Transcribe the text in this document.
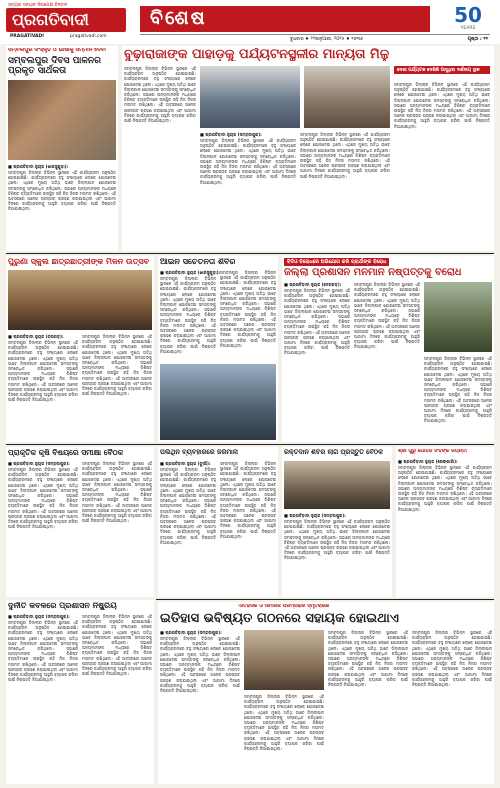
ସତ୍ୟର ସନ୍ଧାନ ନିରପେକ୍ଷ ଚିନ୍ତନ
ପ୍ରଗତିବାଦୀ
PRAGATIVADI	pragativadi.com
ବିଶେଷ	50
YEARS
ବୁଧବାର ♦ ୨୨ଜାନୁଆରୀ, ୨୦୨୫ ♦ ୧୬୩୬	ପୃଷ୍ଠା : ୧୧
ସମ୍ବଲପୁର ସଂସ୍କୃତି ଓ ଭାଷାକୁ ସମ୍ମାନ ଦେବା
ସମ୍ବଲପୁର ଦିବସ ପାଳନର ପ୍ରକୃତ ସାର୍ଥକତା
■ ପ୍ରଗତିବାଦୀ ନ୍ୟୁଜ (ଝାରସୁଗୁଡ଼ା):
ସମ୍ବଲପୁର ଜିଲ୍ଲାର ବିଭିନ୍ନ ସ୍ଥାନରେ ଏହି କାର୍ଯ୍ୟକ୍ରମ ଅନୁଷ୍ଠିତ ହୋଇଯାଇଛି। କାର୍ଯ୍ୟକ୍ରମରେ ବହୁ ସଂଖ୍ୟାରେ ଲୋକେ ଯୋଗଦେଇ ଥିଲେ। ଏଥିରେ ମୁଖ୍ୟ ଅତିଥି ଭାବେ ଜିଲ୍ଲାପାଳ ଯୋଗଦେଇ ସମସ୍ତଙ୍କୁ ସମ୍ବୋଧିତ କରିଥିଲେ। ସଭାରେ ଅନ୍ୟମାନଙ୍କ ମଧ୍ୟରେ ବିଶିଷ୍ଟ ବ୍ୟକ୍ତିମାନେ ଉପସ୍ଥିତ ରହି ନିଜ ନିଜର ମତାମତ ରଖିଥିଲେ। ଏହି ଅବସରରେ ଅନେକ ପ୍ରସ୍ତାବ ଗ୍ରହଣ କରାଯାଇଥିଲା ଏବଂ ଆଗାମୀ ଦିନରେ କାର୍ଯ୍ୟକ୍ରମକୁ ଆହୁରି ବ୍ୟାପକ କରିବା ପାଇଁ ନିଷ୍ପତ୍ତି ନିଆଯାଇଥିଲା।
ବୁଢ଼ାରାଜାଙ୍କ ପାହାଡ଼କୁ ପର୍ଯ୍ୟଟନସ୍ଥଳୀର ମାନ୍ୟତା ମିଳୁ
ସମ୍ବଲପୁର ଜିଲ୍ଲାର ବିଭିନ୍ନ ସ୍ଥାନରେ ଏହି କାର୍ଯ୍ୟକ୍ରମ ଅନୁଷ୍ଠିତ ହୋଇଯାଇଛି। କାର୍ଯ୍ୟକ୍ରମରେ ବହୁ ସଂଖ୍ୟାରେ ଲୋକେ ଯୋଗଦେଇ ଥିଲେ। ଏଥିରେ ମୁଖ୍ୟ ଅତିଥି ଭାବେ ଜିଲ୍ଲାପାଳ ଯୋଗଦେଇ ସମସ୍ତଙ୍କୁ ସମ୍ବୋଧିତ କରିଥିଲେ। ସଭାରେ ଅନ୍ୟମାନଙ୍କ ମଧ୍ୟରେ ବିଶିଷ୍ଟ ବ୍ୟକ୍ତିମାନେ ଉପସ୍ଥିତ ରହି ନିଜ ନିଜର ମତାମତ ରଖିଥିଲେ। ଏହି ଅବସରରେ ଅନେକ ପ୍ରସ୍ତାବ ଗ୍ରହଣ କରାଯାଇଥିଲା ଏବଂ ଆଗାମୀ ଦିନରେ କାର୍ଯ୍ୟକ୍ରମକୁ ଆହୁରି ବ୍ୟାପକ କରିବା ପାଇଁ ନିଷ୍ପତ୍ତି ନିଆଯାଇଥିଲା।
■ ପ୍ରଗତିବାଦୀ ନ୍ୟୁଜ (ସମ୍ବଲପୁର):
ସମ୍ବଲପୁର ଜିଲ୍ଲାର ବିଭିନ୍ନ ସ୍ଥାନରେ ଏହି କାର୍ଯ୍ୟକ୍ରମ ଅନୁଷ୍ଠିତ ହୋଇଯାଇଛି। କାର୍ଯ୍ୟକ୍ରମରେ ବହୁ ସଂଖ୍ୟାରେ ଲୋକେ ଯୋଗଦେଇ ଥିଲେ। ଏଥିରେ ମୁଖ୍ୟ ଅତିଥି ଭାବେ ଜିଲ୍ଲାପାଳ ଯୋଗଦେଇ ସମସ୍ତଙ୍କୁ ସମ୍ବୋଧିତ କରିଥିଲେ। ସଭାରେ ଅନ୍ୟମାନଙ୍କ ମଧ୍ୟରେ ବିଶିଷ୍ଟ ବ୍ୟକ୍ତିମାନେ ଉପସ୍ଥିତ ରହି ନିଜ ନିଜର ମତାମତ ରଖିଥିଲେ। ଏହି ଅବସରରେ ଅନେକ ପ୍ରସ୍ତାବ ଗ୍ରହଣ କରାଯାଇଥିଲା ଏବଂ ଆଗାମୀ ଦିନରେ କାର୍ଯ୍ୟକ୍ରମକୁ ଆହୁରି ବ୍ୟାପକ କରିବା ପାଇଁ ନିଷ୍ପତ୍ତି ନିଆଯାଇଥିଲା।
ସମ୍ବଲପୁର ଜିଲ୍ଲାର ବିଭିନ୍ନ ସ୍ଥାନରେ ଏହି କାର୍ଯ୍ୟକ୍ରମ ଅନୁଷ୍ଠିତ ହୋଇଯାଇଛି। କାର୍ଯ୍ୟକ୍ରମରେ ବହୁ ସଂଖ୍ୟାରେ ଲୋକେ ଯୋଗଦେଇ ଥିଲେ। ଏଥିରେ ମୁଖ୍ୟ ଅତିଥି ଭାବେ ଜିଲ୍ଲାପାଳ ଯୋଗଦେଇ ସମସ୍ତଙ୍କୁ ସମ୍ବୋଧିତ କରିଥିଲେ। ସଭାରେ ଅନ୍ୟମାନଙ୍କ ମଧ୍ୟରେ ବିଶିଷ୍ଟ ବ୍ୟକ୍ତିମାନେ ଉପସ୍ଥିତ ରହି ନିଜ ନିଜର ମତାମତ ରଖିଥିଲେ। ଏହି ଅବସରରେ ଅନେକ ପ୍ରସ୍ତାବ ଗ୍ରହଣ କରାଯାଇଥିଲା ଏବଂ ଆଗାମୀ ଦିନରେ କାର୍ଯ୍ୟକ୍ରମକୁ ଆହୁରି ବ୍ୟାପକ କରିବା ପାଇଁ ନିଷ୍ପତ୍ତି ନିଆଯାଇଥିଲା।
ଦେଶୀ ପର୍ଯ୍ୟଟକ ଦେଖିକି ଆସୁଥିବା ଦର୍ଶନୀୟ ସ୍ଥାନ
ସମ୍ବଲପୁର ଜିଲ୍ଲାର ବିଭିନ୍ନ ସ୍ଥାନରେ ଏହି କାର୍ଯ୍ୟକ୍ରମ ଅନୁଷ୍ଠିତ ହୋଇଯାଇଛି। କାର୍ଯ୍ୟକ୍ରମରେ ବହୁ ସଂଖ୍ୟାରେ ଲୋକେ ଯୋଗଦେଇ ଥିଲେ। ଏଥିରେ ମୁଖ୍ୟ ଅତିଥି ଭାବେ ଜିଲ୍ଲାପାଳ ଯୋଗଦେଇ ସମସ୍ତଙ୍କୁ ସମ୍ବୋଧିତ କରିଥିଲେ। ସଭାରେ ଅନ୍ୟମାନଙ୍କ ମଧ୍ୟରେ ବିଶିଷ୍ଟ ବ୍ୟକ୍ତିମାନେ ଉପସ୍ଥିତ ରହି ନିଜ ନିଜର ମତାମତ ରଖିଥିଲେ। ଏହି ଅବସରରେ ଅନେକ ପ୍ରସ୍ତାବ ଗ୍ରହଣ କରାଯାଇଥିଲା ଏବଂ ଆଗାମୀ ଦିନରେ କାର୍ଯ୍ୟକ୍ରମକୁ ଆହୁରି ବ୍ୟାପକ କରିବା ପାଇଁ ନିଷ୍ପତ୍ତି ନିଆଯାଇଥିଲା।
ପୁରୁଣା ସ୍କୁଲ ଛାତ୍ରଛାତ୍ରୀଙ୍କ ମିଳନ ଉତ୍ସବ
■ ପ୍ରଗତିବାଦୀ ନ୍ୟୁଜ (ବରଗଡ଼):
ସମ୍ବଲପୁର ଜିଲ୍ଲାର ବିଭିନ୍ନ ସ୍ଥାନରେ ଏହି କାର୍ଯ୍ୟକ୍ରମ ଅନୁଷ୍ଠିତ ହୋଇଯାଇଛି। କାର୍ଯ୍ୟକ୍ରମରେ ବହୁ ସଂଖ୍ୟାରେ ଲୋକେ ଯୋଗଦେଇ ଥିଲେ। ଏଥିରେ ମୁଖ୍ୟ ଅତିଥି ଭାବେ ଜିଲ୍ଲାପାଳ ଯୋଗଦେଇ ସମସ୍ତଙ୍କୁ ସମ୍ବୋଧିତ କରିଥିଲେ। ସଭାରେ ଅନ୍ୟମାନଙ୍କ ମଧ୍ୟରେ ବିଶିଷ୍ଟ ବ୍ୟକ୍ତିମାନେ ଉପସ୍ଥିତ ରହି ନିଜ ନିଜର ମତାମତ ରଖିଥିଲେ। ଏହି ଅବସରରେ ଅନେକ ପ୍ରସ୍ତାବ ଗ୍ରହଣ କରାଯାଇଥିଲା ଏବଂ ଆଗାମୀ ଦିନରେ କାର୍ଯ୍ୟକ୍ରମକୁ ଆହୁରି ବ୍ୟାପକ କରିବା ପାଇଁ ନିଷ୍ପତ୍ତି ନିଆଯାଇଥିଲା।
ସମ୍ବଲପୁର ଜିଲ୍ଲାର ବିଭିନ୍ନ ସ୍ଥାନରେ ଏହି କାର୍ଯ୍ୟକ୍ରମ ଅନୁଷ୍ଠିତ ହୋଇଯାଇଛି। କାର୍ଯ୍ୟକ୍ରମରେ ବହୁ ସଂଖ୍ୟାରେ ଲୋକେ ଯୋଗଦେଇ ଥିଲେ। ଏଥିରେ ମୁଖ୍ୟ ଅତିଥି ଭାବେ ଜିଲ୍ଲାପାଳ ଯୋଗଦେଇ ସମସ୍ତଙ୍କୁ ସମ୍ବୋଧିତ କରିଥିଲେ। ସଭାରେ ଅନ୍ୟମାନଙ୍କ ମଧ୍ୟରେ ବିଶିଷ୍ଟ ବ୍ୟକ୍ତିମାନେ ଉପସ୍ଥିତ ରହି ନିଜ ନିଜର ମତାମତ ରଖିଥିଲେ। ଏହି ଅବସରରେ ଅନେକ ପ୍ରସ୍ତାବ ଗ୍ରହଣ କରାଯାଇଥିଲା ଏବଂ ଆଗାମୀ ଦିନରେ କାର୍ଯ୍ୟକ୍ରମକୁ ଆହୁରି ବ୍ୟାପକ କରିବା ପାଇଁ ନିଷ୍ପତ୍ତି ନିଆଯାଇଥିଲା।
ଆଇନ ସଚେତନତା ଶିବିର
■ ପ୍ରଗତିବାଦୀ ନ୍ୟୁଜ (ଝାରସୁଗୁଡ଼ା):
ସମ୍ବଲପୁର ଜିଲ୍ଲାର ବିଭିନ୍ନ ସ୍ଥାନରେ ଏହି କାର୍ଯ୍ୟକ୍ରମ ଅନୁଷ୍ଠିତ ହୋଇଯାଇଛି। କାର୍ଯ୍ୟକ୍ରମରେ ବହୁ ସଂଖ୍ୟାରେ ଲୋକେ ଯୋଗଦେଇ ଥିଲେ। ଏଥିରେ ମୁଖ୍ୟ ଅତିଥି ଭାବେ ଜିଲ୍ଲାପାଳ ଯୋଗଦେଇ ସମସ୍ତଙ୍କୁ ସମ୍ବୋଧିତ କରିଥିଲେ। ସଭାରେ ଅନ୍ୟମାନଙ୍କ ମଧ୍ୟରେ ବିଶିଷ୍ଟ ବ୍ୟକ୍ତିମାନେ ଉପସ୍ଥିତ ରହି ନିଜ ନିଜର ମତାମତ ରଖିଥିଲେ। ଏହି ଅବସରରେ ଅନେକ ପ୍ରସ୍ତାବ ଗ୍ରହଣ କରାଯାଇଥିଲା ଏବଂ ଆଗାମୀ ଦିନରେ କାର୍ଯ୍ୟକ୍ରମକୁ ଆହୁରି ବ୍ୟାପକ କରିବା ପାଇଁ ନିଷ୍ପତ୍ତି ନିଆଯାଇଥିଲା।
ସମ୍ବଲପୁର ଜିଲ୍ଲାର ବିଭିନ୍ନ ସ୍ଥାନରେ ଏହି କାର୍ଯ୍ୟକ୍ରମ ଅନୁଷ୍ଠିତ ହୋଇଯାଇଛି। କାର୍ଯ୍ୟକ୍ରମରେ ବହୁ ସଂଖ୍ୟାରେ ଲୋକେ ଯୋଗଦେଇ ଥିଲେ। ଏଥିରେ ମୁଖ୍ୟ ଅତିଥି ଭାବେ ଜିଲ୍ଲାପାଳ ଯୋଗଦେଇ ସମସ୍ତଙ୍କୁ ସମ୍ବୋଧିତ କରିଥିଲେ। ସଭାରେ ଅନ୍ୟମାନଙ୍କ ମଧ୍ୟରେ ବିଶିଷ୍ଟ ବ୍ୟକ୍ତିମାନେ ଉପସ୍ଥିତ ରହି ନିଜ ନିଜର ମତାମତ ରଖିଥିଲେ। ଏହି ଅବସରରେ ଅନେକ ପ୍ରସ୍ତାବ ଗ୍ରହଣ କରାଯାଇଥିଲା ଏବଂ ଆଗାମୀ ଦିନରେ କାର୍ଯ୍ୟକ୍ରମକୁ ଆହୁରି ବ୍ୟାପକ କରିବା ପାଇଁ ନିଷ୍ପତ୍ତି ନିଆଯାଇଥିଲା।
ବିଡିଓ ବିରୋଧରେ ଅଭିଯୋଗ କରି ପ୍ରାର୍ଥୀଙ୍କ ବିରୋଧ
ଜିଲ୍ଲା ପ୍ରଶାସନ ମନମାନି ନିଷ୍ପତ୍ତିକୁ ବିରୋଧ
■ ପ୍ରଗତିବାଦୀ ନ୍ୟୁଜ (ଦେବଗଡ଼):
ସମ୍ବଲପୁର ଜିଲ୍ଲାର ବିଭିନ୍ନ ସ୍ଥାନରେ ଏହି କାର୍ଯ୍ୟକ୍ରମ ଅନୁଷ୍ଠିତ ହୋଇଯାଇଛି। କାର୍ଯ୍ୟକ୍ରମରେ ବହୁ ସଂଖ୍ୟାରେ ଲୋକେ ଯୋଗଦେଇ ଥିଲେ। ଏଥିରେ ମୁଖ୍ୟ ଅତିଥି ଭାବେ ଜିଲ୍ଲାପାଳ ଯୋଗଦେଇ ସମସ୍ତଙ୍କୁ ସମ୍ବୋଧିତ କରିଥିଲେ। ସଭାରେ ଅନ୍ୟମାନଙ୍କ ମଧ୍ୟରେ ବିଶିଷ୍ଟ ବ୍ୟକ୍ତିମାନେ ଉପସ୍ଥିତ ରହି ନିଜ ନିଜର ମତାମତ ରଖିଥିଲେ। ଏହି ଅବସରରେ ଅନେକ ପ୍ରସ୍ତାବ ଗ୍ରହଣ କରାଯାଇଥିଲା ଏବଂ ଆଗାମୀ ଦିନରେ କାର୍ଯ୍ୟକ୍ରମକୁ ଆହୁରି ବ୍ୟାପକ କରିବା ପାଇଁ ନିଷ୍ପତ୍ତି ନିଆଯାଇଥିଲା।
ସମ୍ବଲପୁର ଜିଲ୍ଲାର ବିଭିନ୍ନ ସ୍ଥାନରେ ଏହି କାର୍ଯ୍ୟକ୍ରମ ଅନୁଷ୍ଠିତ ହୋଇଯାଇଛି। କାର୍ଯ୍ୟକ୍ରମରେ ବହୁ ସଂଖ୍ୟାରେ ଲୋକେ ଯୋଗଦେଇ ଥିଲେ। ଏଥିରେ ମୁଖ୍ୟ ଅତିଥି ଭାବେ ଜିଲ୍ଲାପାଳ ଯୋଗଦେଇ ସମସ୍ତଙ୍କୁ ସମ୍ବୋଧିତ କରିଥିଲେ। ସଭାରେ ଅନ୍ୟମାନଙ୍କ ମଧ୍ୟରେ ବିଶିଷ୍ଟ ବ୍ୟକ୍ତିମାନେ ଉପସ୍ଥିତ ରହି ନିଜ ନିଜର ମତାମତ ରଖିଥିଲେ। ଏହି ଅବସରରେ ଅନେକ ପ୍ରସ୍ତାବ ଗ୍ରହଣ କରାଯାଇଥିଲା ଏବଂ ଆଗାମୀ ଦିନରେ କାର୍ଯ୍ୟକ୍ରମକୁ ଆହୁରି ବ୍ୟାପକ କରିବା ପାଇଁ ନିଷ୍ପତ୍ତି ନିଆଯାଇଥିଲା।
ସମ୍ବଲପୁର ଜିଲ୍ଲାର ବିଭିନ୍ନ ସ୍ଥାନରେ ଏହି କାର୍ଯ୍ୟକ୍ରମ ଅନୁଷ୍ଠିତ ହୋଇଯାଇଛି। କାର୍ଯ୍ୟକ୍ରମରେ ବହୁ ସଂଖ୍ୟାରେ ଲୋକେ ଯୋଗଦେଇ ଥିଲେ। ଏଥିରେ ମୁଖ୍ୟ ଅତିଥି ଭାବେ ଜିଲ୍ଲାପାଳ ଯୋଗଦେଇ ସମସ୍ତଙ୍କୁ ସମ୍ବୋଧିତ କରିଥିଲେ। ସଭାରେ ଅନ୍ୟମାନଙ୍କ ମଧ୍ୟରେ ବିଶିଷ୍ଟ ବ୍ୟକ୍ତିମାନେ ଉପସ୍ଥିତ ରହି ନିଜ ନିଜର ମତାମତ ରଖିଥିଲେ। ଏହି ଅବସରରେ ଅନେକ ପ୍ରସ୍ତାବ ଗ୍ରହଣ କରାଯାଇଥିଲା ଏବଂ ଆଗାମୀ ଦିନରେ କାର୍ଯ୍ୟକ୍ରମକୁ ଆହୁରି ବ୍ୟାପକ କରିବା ପାଇଁ ନିଷ୍ପତ୍ତି ନିଆଯାଇଥିଲା।
ପ୍ରାକୃତିକ କୃଷି ବିଷୟରେ ସମୀକ୍ଷା ବୈଠକ
■ ପ୍ରଗତିବାଦୀ ନ୍ୟୁଜ (ସମ୍ବଲପୁର):
ସମ୍ବଲପୁର ଜିଲ୍ଲାର ବିଭିନ୍ନ ସ୍ଥାନରେ ଏହି କାର୍ଯ୍ୟକ୍ରମ ଅନୁଷ୍ଠିତ ହୋଇଯାଇଛି। କାର୍ଯ୍ୟକ୍ରମରେ ବହୁ ସଂଖ୍ୟାରେ ଲୋକେ ଯୋଗଦେଇ ଥିଲେ। ଏଥିରେ ମୁଖ୍ୟ ଅତିଥି ଭାବେ ଜିଲ୍ଲାପାଳ ଯୋଗଦେଇ ସମସ୍ତଙ୍କୁ ସମ୍ବୋଧିତ କରିଥିଲେ। ସଭାରେ ଅନ୍ୟମାନଙ୍କ ମଧ୍ୟରେ ବିଶିଷ୍ଟ ବ୍ୟକ୍ତିମାନେ ଉପସ୍ଥିତ ରହି ନିଜ ନିଜର ମତାମତ ରଖିଥିଲେ। ଏହି ଅବସରରେ ଅନେକ ପ୍ରସ୍ତାବ ଗ୍ରହଣ କରାଯାଇଥିଲା ଏବଂ ଆଗାମୀ ଦିନରେ କାର୍ଯ୍ୟକ୍ରମକୁ ଆହୁରି ବ୍ୟାପକ କରିବା ପାଇଁ ନିଷ୍ପତ୍ତି ନିଆଯାଇଥିଲା।
ସମ୍ବଲପୁର ଜିଲ୍ଲାର ବିଭିନ୍ନ ସ୍ଥାନରେ ଏହି କାର୍ଯ୍ୟକ୍ରମ ଅନୁଷ୍ଠିତ ହୋଇଯାଇଛି। କାର୍ଯ୍ୟକ୍ରମରେ ବହୁ ସଂଖ୍ୟାରେ ଲୋକେ ଯୋଗଦେଇ ଥିଲେ। ଏଥିରେ ମୁଖ୍ୟ ଅତିଥି ଭାବେ ଜିଲ୍ଲାପାଳ ଯୋଗଦେଇ ସମସ୍ତଙ୍କୁ ସମ୍ବୋଧିତ କରିଥିଲେ। ସଭାରେ ଅନ୍ୟମାନଙ୍କ ମଧ୍ୟରେ ବିଶିଷ୍ଟ ବ୍ୟକ୍ତିମାନେ ଉପସ୍ଥିତ ରହି ନିଜ ନିଜର ମତାମତ ରଖିଥିଲେ। ଏହି ଅବସରରେ ଅନେକ ପ୍ରସ୍ତାବ ଗ୍ରହଣ କରାଯାଇଥିଲା ଏବଂ ଆଗାମୀ ଦିନରେ କାର୍ଯ୍ୟକ୍ରମକୁ ଆହୁରି ବ୍ୟାପକ କରିବା ପାଇଁ ନିଷ୍ପତ୍ତି ନିଆଯାଇଥିଲା।
ପଲିଥିନ ବ୍ୟବହାରରେ ଜରିମାନା
■ ପ୍ରଗତିବାଦୀ ନ୍ୟୁଜ (ବୁର୍ଲା):
ସମ୍ବଲପୁର ଜିଲ୍ଲାର ବିଭିନ୍ନ ସ୍ଥାନରେ ଏହି କାର୍ଯ୍ୟକ୍ରମ ଅନୁଷ୍ଠିତ ହୋଇଯାଇଛି। କାର୍ଯ୍ୟକ୍ରମରେ ବହୁ ସଂଖ୍ୟାରେ ଲୋକେ ଯୋଗଦେଇ ଥିଲେ। ଏଥିରେ ମୁଖ୍ୟ ଅତିଥି ଭାବେ ଜିଲ୍ଲାପାଳ ଯୋଗଦେଇ ସମସ୍ତଙ୍କୁ ସମ୍ବୋଧିତ କରିଥିଲେ। ସଭାରେ ଅନ୍ୟମାନଙ୍କ ମଧ୍ୟରେ ବିଶିଷ୍ଟ ବ୍ୟକ୍ତିମାନେ ଉପସ୍ଥିତ ରହି ନିଜ ନିଜର ମତାମତ ରଖିଥିଲେ। ଏହି ଅବସରରେ ଅନେକ ପ୍ରସ୍ତାବ ଗ୍ରହଣ କରାଯାଇଥିଲା ଏବଂ ଆଗାମୀ ଦିନରେ କାର୍ଯ୍ୟକ୍ରମକୁ ଆହୁରି ବ୍ୟାପକ କରିବା ପାଇଁ ନିଷ୍ପତ୍ତି ନିଆଯାଇଥିଲା।
ସମ୍ବଲପୁର ଜିଲ୍ଲାର ବିଭିନ୍ନ ସ୍ଥାନରେ ଏହି କାର୍ଯ୍ୟକ୍ରମ ଅନୁଷ୍ଠିତ ହୋଇଯାଇଛି। କାର୍ଯ୍ୟକ୍ରମରେ ବହୁ ସଂଖ୍ୟାରେ ଲୋକେ ଯୋଗଦେଇ ଥିଲେ। ଏଥିରେ ମୁଖ୍ୟ ଅତିଥି ଭାବେ ଜିଲ୍ଲାପାଳ ଯୋଗଦେଇ ସମସ୍ତଙ୍କୁ ସମ୍ବୋଧିତ କରିଥିଲେ। ସଭାରେ ଅନ୍ୟମାନଙ୍କ ମଧ୍ୟରେ ବିଶିଷ୍ଟ ବ୍ୟକ୍ତିମାନେ ଉପସ୍ଥିତ ରହି ନିଜ ନିଜର ମତାମତ ରଖିଥିଲେ। ଏହି ଅବସରରେ ଅନେକ ପ୍ରସ୍ତାବ ଗ୍ରହଣ କରାଯାଇଥିଲା ଏବଂ ଆଗାମୀ ଦିନରେ କାର୍ଯ୍ୟକ୍ରମକୁ ଆହୁରି ବ୍ୟାପକ କରିବା ପାଇଁ ନିଷ୍ପତ୍ତି ନିଆଯାଇଥିଲା।
ରକ୍ତଦାନ ଶିବିର ଲାଗି ପ୍ରସ୍ତୁତି ବୈଠକ
■ ପ୍ରଗତିବାଦୀ ନ୍ୟୁଜ (ସମ୍ବଲପୁର):
ସମ୍ବଲପୁର ଜିଲ୍ଲାର ବିଭିନ୍ନ ସ୍ଥାନରେ ଏହି କାର୍ଯ୍ୟକ୍ରମ ଅନୁଷ୍ଠିତ ହୋଇଯାଇଛି। କାର୍ଯ୍ୟକ୍ରମରେ ବହୁ ସଂଖ୍ୟାରେ ଲୋକେ ଯୋଗଦେଇ ଥିଲେ। ଏଥିରେ ମୁଖ୍ୟ ଅତିଥି ଭାବେ ଜିଲ୍ଲାପାଳ ଯୋଗଦେଇ ସମସ୍ତଙ୍କୁ ସମ୍ବୋଧିତ କରିଥିଲେ। ସଭାରେ ଅନ୍ୟମାନଙ୍କ ମଧ୍ୟରେ ବିଶିଷ୍ଟ ବ୍ୟକ୍ତିମାନେ ଉପସ୍ଥିତ ରହି ନିଜ ନିଜର ମତାମତ ରଖିଥିଲେ। ଏହି ଅବସରରେ ଅନେକ ପ୍ରସ୍ତାବ ଗ୍ରହଣ କରାଯାଇଥିଲା ଏବଂ ଆଗାମୀ ଦିନରେ କାର୍ଯ୍ୟକ୍ରମକୁ ଆହୁରି ବ୍ୟାପକ କରିବା ପାଇଁ ନିଷ୍ପତ୍ତି ନିଆଯାଇଥିଲା।
ଶ୍ରୀ ଗୁରୁ ଗୋବିନ୍ଦ ସିଂହଙ୍କ ଜୟନ୍ତୀ
■ ପ୍ରଗତିବାଦୀ ନ୍ୟୁଜ (ରେଙ୍ଗାଲି):
ସମ୍ବଲପୁର ଜିଲ୍ଲାର ବିଭିନ୍ନ ସ୍ଥାନରେ ଏହି କାର୍ଯ୍ୟକ୍ରମ ଅନୁଷ୍ଠିତ ହୋଇଯାଇଛି। କାର୍ଯ୍ୟକ୍ରମରେ ବହୁ ସଂଖ୍ୟାରେ ଲୋକେ ଯୋଗଦେଇ ଥିଲେ। ଏଥିରେ ମୁଖ୍ୟ ଅତିଥି ଭାବେ ଜିଲ୍ଲାପାଳ ଯୋଗଦେଇ ସମସ୍ତଙ୍କୁ ସମ୍ବୋଧିତ କରିଥିଲେ। ସଭାରେ ଅନ୍ୟମାନଙ୍କ ମଧ୍ୟରେ ବିଶିଷ୍ଟ ବ୍ୟକ୍ତିମାନେ ଉପସ୍ଥିତ ରହି ନିଜ ନିଜର ମତାମତ ରଖିଥିଲେ। ଏହି ଅବସରରେ ଅନେକ ପ୍ରସ୍ତାବ ଗ୍ରହଣ କରାଯାଇଥିଲା ଏବଂ ଆଗାମୀ ଦିନରେ କାର୍ଯ୍ୟକ୍ରମକୁ ଆହୁରି ବ୍ୟାପକ କରିବା ପାଇଁ ନିଷ୍ପତ୍ତି ନିଆଯାଇଥିଲା।
ଐତିହାସିକ ଓ ସାମାଜିକ ପରମ୍ପରାର ସ୍ମୃତିଚାରଣ
ଇତିହାସ ଭବିଷ୍ୟତ ଗଠନରେ ସହାୟକ ହୋଇଥାଏ
■ ପ୍ରଗତିବାଦୀ ନ୍ୟୁଜ (ସମ୍ବଲପୁର):
ସମ୍ବଲପୁର ଜିଲ୍ଲାର ବିଭିନ୍ନ ସ୍ଥାନରେ ଏହି କାର୍ଯ୍ୟକ୍ରମ ଅନୁଷ୍ଠିତ ହୋଇଯାଇଛି। କାର୍ଯ୍ୟକ୍ରମରେ ବହୁ ସଂଖ୍ୟାରେ ଲୋକେ ଯୋଗଦେଇ ଥିଲେ। ଏଥିରେ ମୁଖ୍ୟ ଅତିଥି ଭାବେ ଜିଲ୍ଲାପାଳ ଯୋଗଦେଇ ସମସ୍ତଙ୍କୁ ସମ୍ବୋଧିତ କରିଥିଲେ। ସଭାରେ ଅନ୍ୟମାନଙ୍କ ମଧ୍ୟରେ ବିଶିଷ୍ଟ ବ୍ୟକ୍ତିମାନେ ଉପସ୍ଥିତ ରହି ନିଜ ନିଜର ମତାମତ ରଖିଥିଲେ। ଏହି ଅବସରରେ ଅନେକ ପ୍ରସ୍ତାବ ଗ୍ରହଣ କରାଯାଇଥିଲା ଏବଂ ଆଗାମୀ ଦିନରେ କାର୍ଯ୍ୟକ୍ରମକୁ ଆହୁରି ବ୍ୟାପକ କରିବା ପାଇଁ ନିଷ୍ପତ୍ତି ନିଆଯାଇଥିଲା।
ସମ୍ବଲପୁର ଜିଲ୍ଲାର ବିଭିନ୍ନ ସ୍ଥାନରେ ଏହି କାର୍ଯ୍ୟକ୍ରମ ଅନୁଷ୍ଠିତ ହୋଇଯାଇଛି। କାର୍ଯ୍ୟକ୍ରମରେ ବହୁ ସଂଖ୍ୟାରେ ଲୋକେ ଯୋଗଦେଇ ଥିଲେ। ଏଥିରେ ମୁଖ୍ୟ ଅତିଥି ଭାବେ ଜିଲ୍ଲାପାଳ ଯୋଗଦେଇ ସମସ୍ତଙ୍କୁ ସମ୍ବୋଧିତ କରିଥିଲେ। ସଭାରେ ଅନ୍ୟମାନଙ୍କ ମଧ୍ୟରେ ବିଶିଷ୍ଟ ବ୍ୟକ୍ତିମାନେ ଉପସ୍ଥିତ ରହି ନିଜ ନିଜର ମତାମତ ରଖିଥିଲେ। ଏହି ଅବସରରେ ଅନେକ ପ୍ରସ୍ତାବ ଗ୍ରହଣ କରାଯାଇଥିଲା ଏବଂ ଆଗାମୀ ଦିନରେ କାର୍ଯ୍ୟକ୍ରମକୁ ଆହୁରି ବ୍ୟାପକ କରିବା ପାଇଁ ନିଷ୍ପତ୍ତି ନିଆଯାଇଥିଲା।
ସମ୍ବଲପୁର ଜିଲ୍ଲାର ବିଭିନ୍ନ ସ୍ଥାନରେ ଏହି କାର୍ଯ୍ୟକ୍ରମ ଅନୁଷ୍ଠିତ ହୋଇଯାଇଛି। କାର୍ଯ୍ୟକ୍ରମରେ ବହୁ ସଂଖ୍ୟାରେ ଲୋକେ ଯୋଗଦେଇ ଥିଲେ। ଏଥିରେ ମୁଖ୍ୟ ଅତିଥି ଭାବେ ଜିଲ୍ଲାପାଳ ଯୋଗଦେଇ ସମସ୍ତଙ୍କୁ ସମ୍ବୋଧିତ କରିଥିଲେ। ସଭାରେ ଅନ୍ୟମାନଙ୍କ ମଧ୍ୟରେ ବିଶିଷ୍ଟ ବ୍ୟକ୍ତିମାନେ ଉପସ୍ଥିତ ରହି ନିଜ ନିଜର ମତାମତ ରଖିଥିଲେ। ଏହି ଅବସରରେ ଅନେକ ପ୍ରସ୍ତାବ ଗ୍ରହଣ କରାଯାଇଥିଲା ଏବଂ ଆଗାମୀ ଦିନରେ କାର୍ଯ୍ୟକ୍ରମକୁ ଆହୁରି ବ୍ୟାପକ କରିବା ପାଇଁ ନିଷ୍ପତ୍ତି ନିଆଯାଇଥିଲା।
ସମ୍ବଲପୁର ଜିଲ୍ଲାର ବିଭିନ୍ନ ସ୍ଥାନରେ ଏହି କାର୍ଯ୍ୟକ୍ରମ ଅନୁଷ୍ଠିତ ହୋଇଯାଇଛି। କାର୍ଯ୍ୟକ୍ରମରେ ବହୁ ସଂଖ୍ୟାରେ ଲୋକେ ଯୋଗଦେଇ ଥିଲେ। ଏଥିରେ ମୁଖ୍ୟ ଅତିଥି ଭାବେ ଜିଲ୍ଲାପାଳ ଯୋଗଦେଇ ସମସ୍ତଙ୍କୁ ସମ୍ବୋଧିତ କରିଥିଲେ। ସଭାରେ ଅନ୍ୟମାନଙ୍କ ମଧ୍ୟରେ ବିଶିଷ୍ଟ ବ୍ୟକ୍ତିମାନେ ଉପସ୍ଥିତ ରହି ନିଜ ନିଜର ମତାମତ ରଖିଥିଲେ। ଏହି ଅବସରରେ ଅନେକ ପ୍ରସ୍ତାବ ଗ୍ରହଣ କରାଯାଇଥିଲା ଏବଂ ଆଗାମୀ ଦିନରେ କାର୍ଯ୍ୟକ୍ରମକୁ ଆହୁରି ବ୍ୟାପକ କରିବା ପାଇଁ ନିଷ୍ପତ୍ତି ନିଆଯାଇଥିଲା।
ଦୁର୍ନୀତି କବଳରେ ପ୍ରଶାସନ ନିଷ୍କ୍ରିୟ
■ ପ୍ରଗତିବାଦୀ ନ୍ୟୁଜ (ସମ୍ବଲପୁର):
ସମ୍ବଲପୁର ଜିଲ୍ଲାର ବିଭିନ୍ନ ସ୍ଥାନରେ ଏହି କାର୍ଯ୍ୟକ୍ରମ ଅନୁଷ୍ଠିତ ହୋଇଯାଇଛି। କାର୍ଯ୍ୟକ୍ରମରେ ବହୁ ସଂଖ୍ୟାରେ ଲୋକେ ଯୋଗଦେଇ ଥିଲେ। ଏଥିରେ ମୁଖ୍ୟ ଅତିଥି ଭାବେ ଜିଲ୍ଲାପାଳ ଯୋଗଦେଇ ସମସ୍ତଙ୍କୁ ସମ୍ବୋଧିତ କରିଥିଲେ। ସଭାରେ ଅନ୍ୟମାନଙ୍କ ମଧ୍ୟରେ ବିଶିଷ୍ଟ ବ୍ୟକ୍ତିମାନେ ଉପସ୍ଥିତ ରହି ନିଜ ନିଜର ମତାମତ ରଖିଥିଲେ। ଏହି ଅବସରରେ ଅନେକ ପ୍ରସ୍ତାବ ଗ୍ରହଣ କରାଯାଇଥିଲା ଏବଂ ଆଗାମୀ ଦିନରେ କାର୍ଯ୍ୟକ୍ରମକୁ ଆହୁରି ବ୍ୟାପକ କରିବା ପାଇଁ ନିଷ୍ପତ୍ତି ନିଆଯାଇଥିଲା।
ସମ୍ବଲପୁର ଜିଲ୍ଲାର ବିଭିନ୍ନ ସ୍ଥାନରେ ଏହି କାର୍ଯ୍ୟକ୍ରମ ଅନୁଷ୍ଠିତ ହୋଇଯାଇଛି। କାର୍ଯ୍ୟକ୍ରମରେ ବହୁ ସଂଖ୍ୟାରେ ଲୋକେ ଯୋଗଦେଇ ଥିଲେ। ଏଥିରେ ମୁଖ୍ୟ ଅତିଥି ଭାବେ ଜିଲ୍ଲାପାଳ ଯୋଗଦେଇ ସମସ୍ତଙ୍କୁ ସମ୍ବୋଧିତ କରିଥିଲେ। ସଭାରେ ଅନ୍ୟମାନଙ୍କ ମଧ୍ୟରେ ବିଶିଷ୍ଟ ବ୍ୟକ୍ତିମାନେ ଉପସ୍ଥିତ ରହି ନିଜ ନିଜର ମତାମତ ରଖିଥିଲେ। ଏହି ଅବସରରେ ଅନେକ ପ୍ରସ୍ତାବ ଗ୍ରହଣ କରାଯାଇଥିଲା ଏବଂ ଆଗାମୀ ଦିନରେ କାର୍ଯ୍ୟକ୍ରମକୁ ଆହୁରି ବ୍ୟାପକ କରିବା ପାଇଁ ନିଷ୍ପତ୍ତି ନିଆଯାଇଥିଲା।
